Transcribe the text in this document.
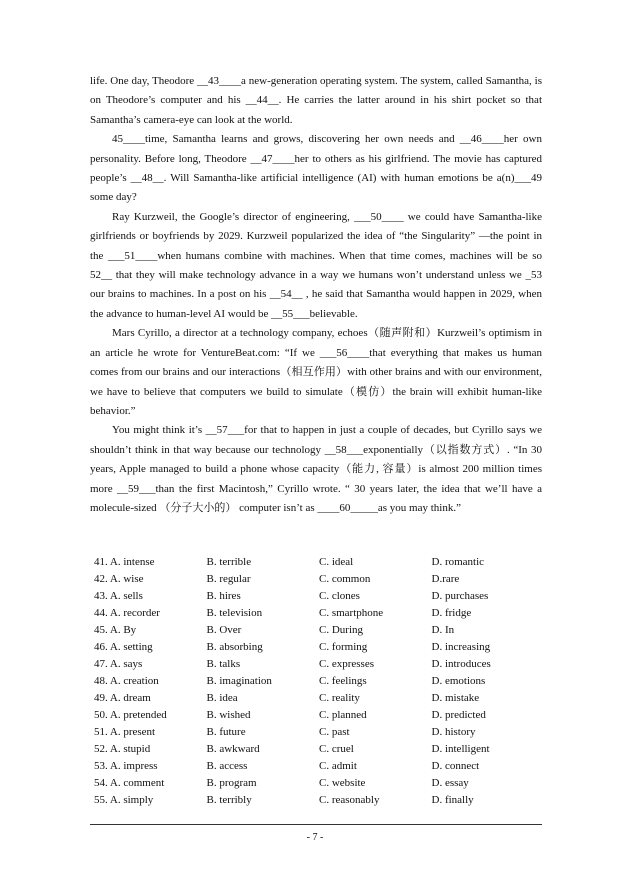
life. One day, Theodore __43____a new-generation operating system. The system, called Samantha, is on Theodore’s computer and his __44__. He carries the latter around in his shirt pocket so that Samantha’s camera-eye can look at the world.

45____time, Samantha learns and grows, discovering her own needs and __46____her own personality. Before long, Theodore __47____her to others as his girlfriend. The movie has captured people’s __48__. Will Samantha-like artificial intelligence (AI) with human emotions be a(n)___49 some day?

Ray Kurzweil, the Google’s director of engineering, ___50____ we could have Samantha-like girlfriends or boyfriends by 2029. Kurzweil popularized the idea of “the Singularity” —the point in the ___51____when humans combine with machines. When that time comes, machines will be so 52__ that they will make technology advance in a way we humans won’t understand unless we _53 our brains to machines. In a post on his __54__ , he said that Samantha would happen in 2029, when the advance to human-level AI would be __55___believable.

Mars Cyrillo, a director at a technology company, echoes（随声附和）Kurzweil’s optimism in an article he wrote for VentureBeat.com: “If we ___56____that everything that makes us human comes from our brains and our interactions（相互作用）with other brains and with our environment, we have to believe that computers we build to simulate（模仿）the brain will exhibit human-like behavior.”

You might think it’s __57___for that to happen in just a couple of decades, but Cyrillo says we shouldn’t think in that way because our technology __58___exponentially（以指数方式）. “In 30 years, Apple managed to build a phone whose capacity（能力, 容量）is almost 200 million times more __59___than the first Macintosh,” Cyrillo wrote. “ 30 years later, the idea that we’ll have a molecule-sized （分子大小的） computer isn’t as ____60_____as you may think.”

41. A. intense	B. terrible	C. ideal	D. romantic
42. A. wise	B. regular	C. common	D.rare
43. A. sells	B. hires	C. clones	D. purchases
44. A. recorder	B. television	C. smartphone	D. fridge
45. A. By	B. Over	C. During	D. In
46. A. setting	B. absorbing	C. forming	D. increasing
47. A. says	B. talks	C. expresses	D. introduces
48. A. creation	B. imagination	C. feelings	D. emotions
49. A. dream	B. idea	C. reality	D. mistake
50. A. pretended	B. wished	C. planned	D. predicted
51. A. present	B. future	C. past	D. history
52. A. stupid	B. awkward	C. cruel	D. intelligent
53. A. impress	B. access	C. admit	D. connect
54. A. comment	B. program	C. website	D. essay
55. A. simply	B. terribly	C. reasonably	D. finally
- 7 -
